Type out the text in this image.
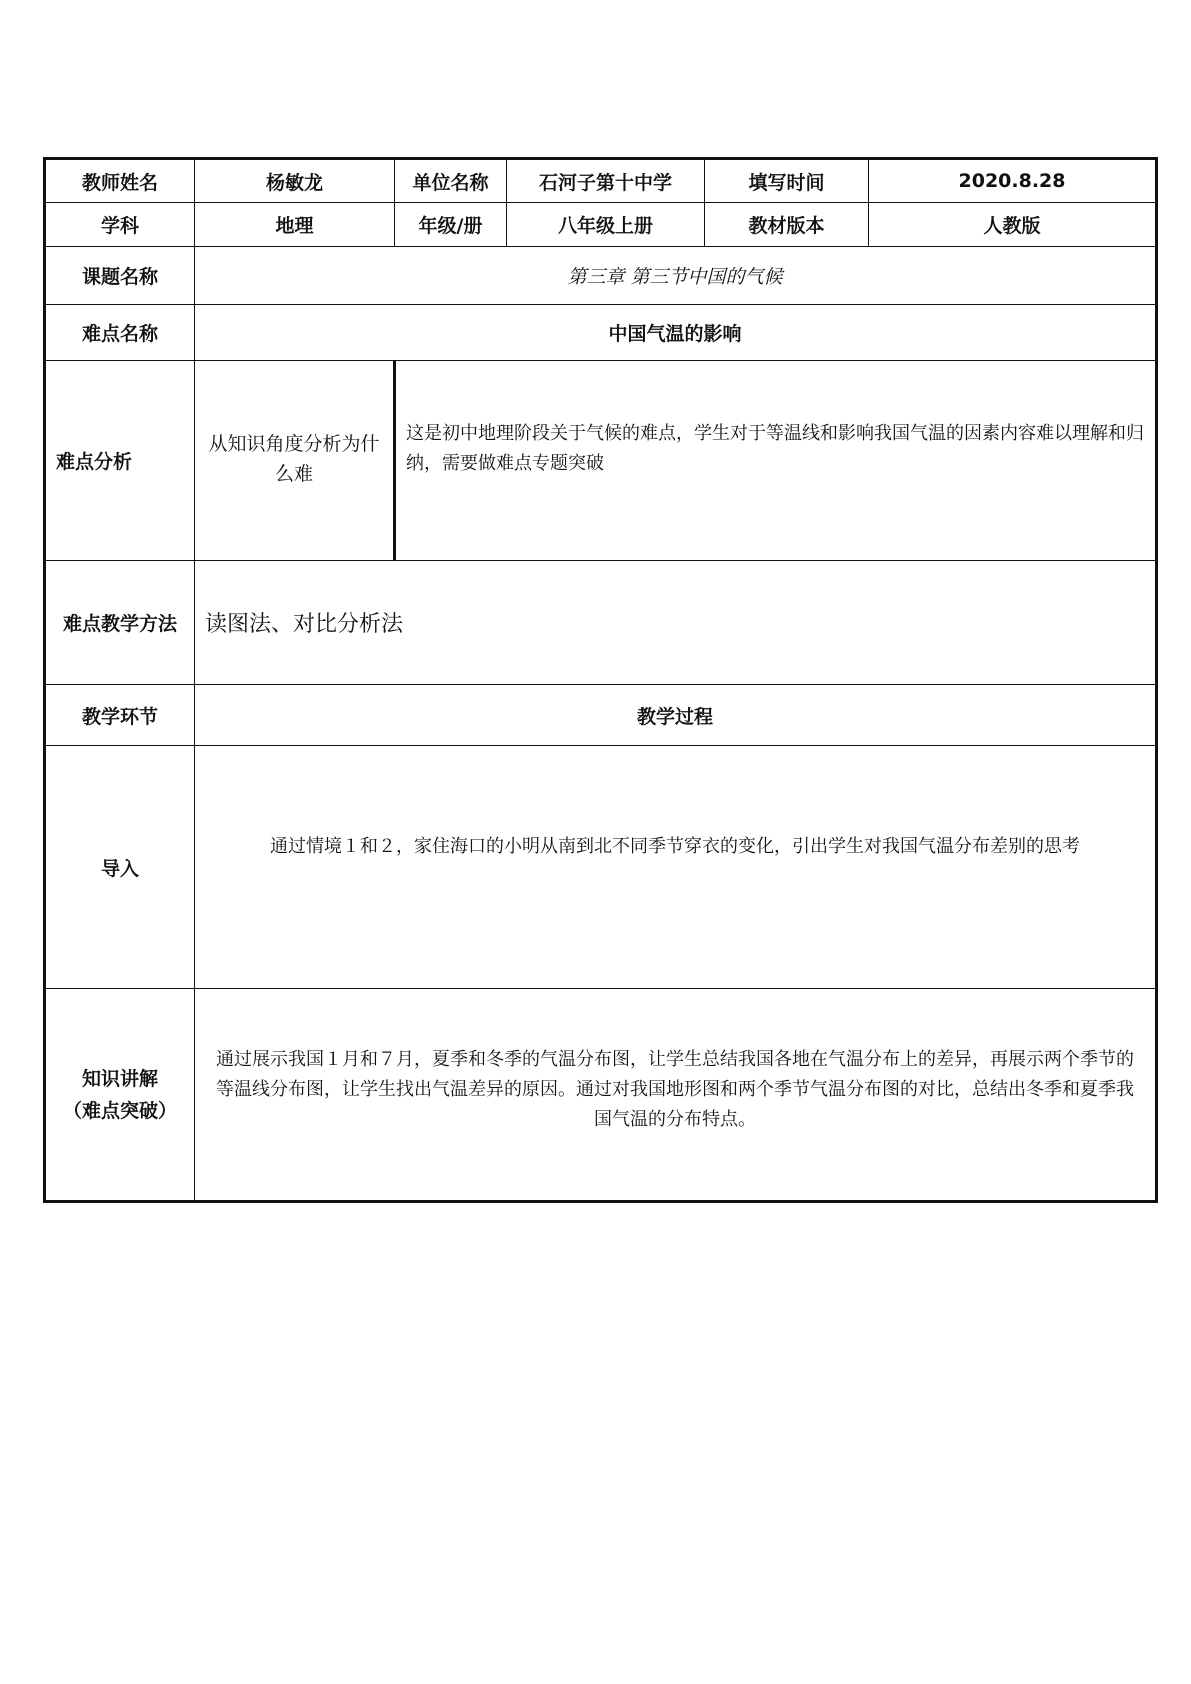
教师姓名	杨敏龙	单位名称	石河子第十中学	填写时间	2020.8.28
学科	地理	年级/册	八年级上册	教材版本	人教版
课题名称	第三章 第三节中国的气候				
难点名称	中国气温的影响				
难点分析	从知识角度分析为什么难	这是初中地理阶段关于气候的难点，学生对于等温线和影响我国气温的因素内容难以理解和归纳，需要做难点专题突破			
难点教学方法	读图法、对比分析法				
教学环节	教学过程				
导入	通过情境１和２，家住海口的小明从南到北不同季节穿衣的变化，引出学生对我国气温分布差别的思考				

知识讲解
（难点突破）	通过展示我国１月和７月，夏季和冬季的气温分布图，让学生总结我国各地在气温分布上的差异，再展示两个季节的等温线分布图，让学生找出气温差异的原因。通过对我国地形图和两个季节气温分布图的对比，总结出冬季和夏季我国气温的分布特点。				
